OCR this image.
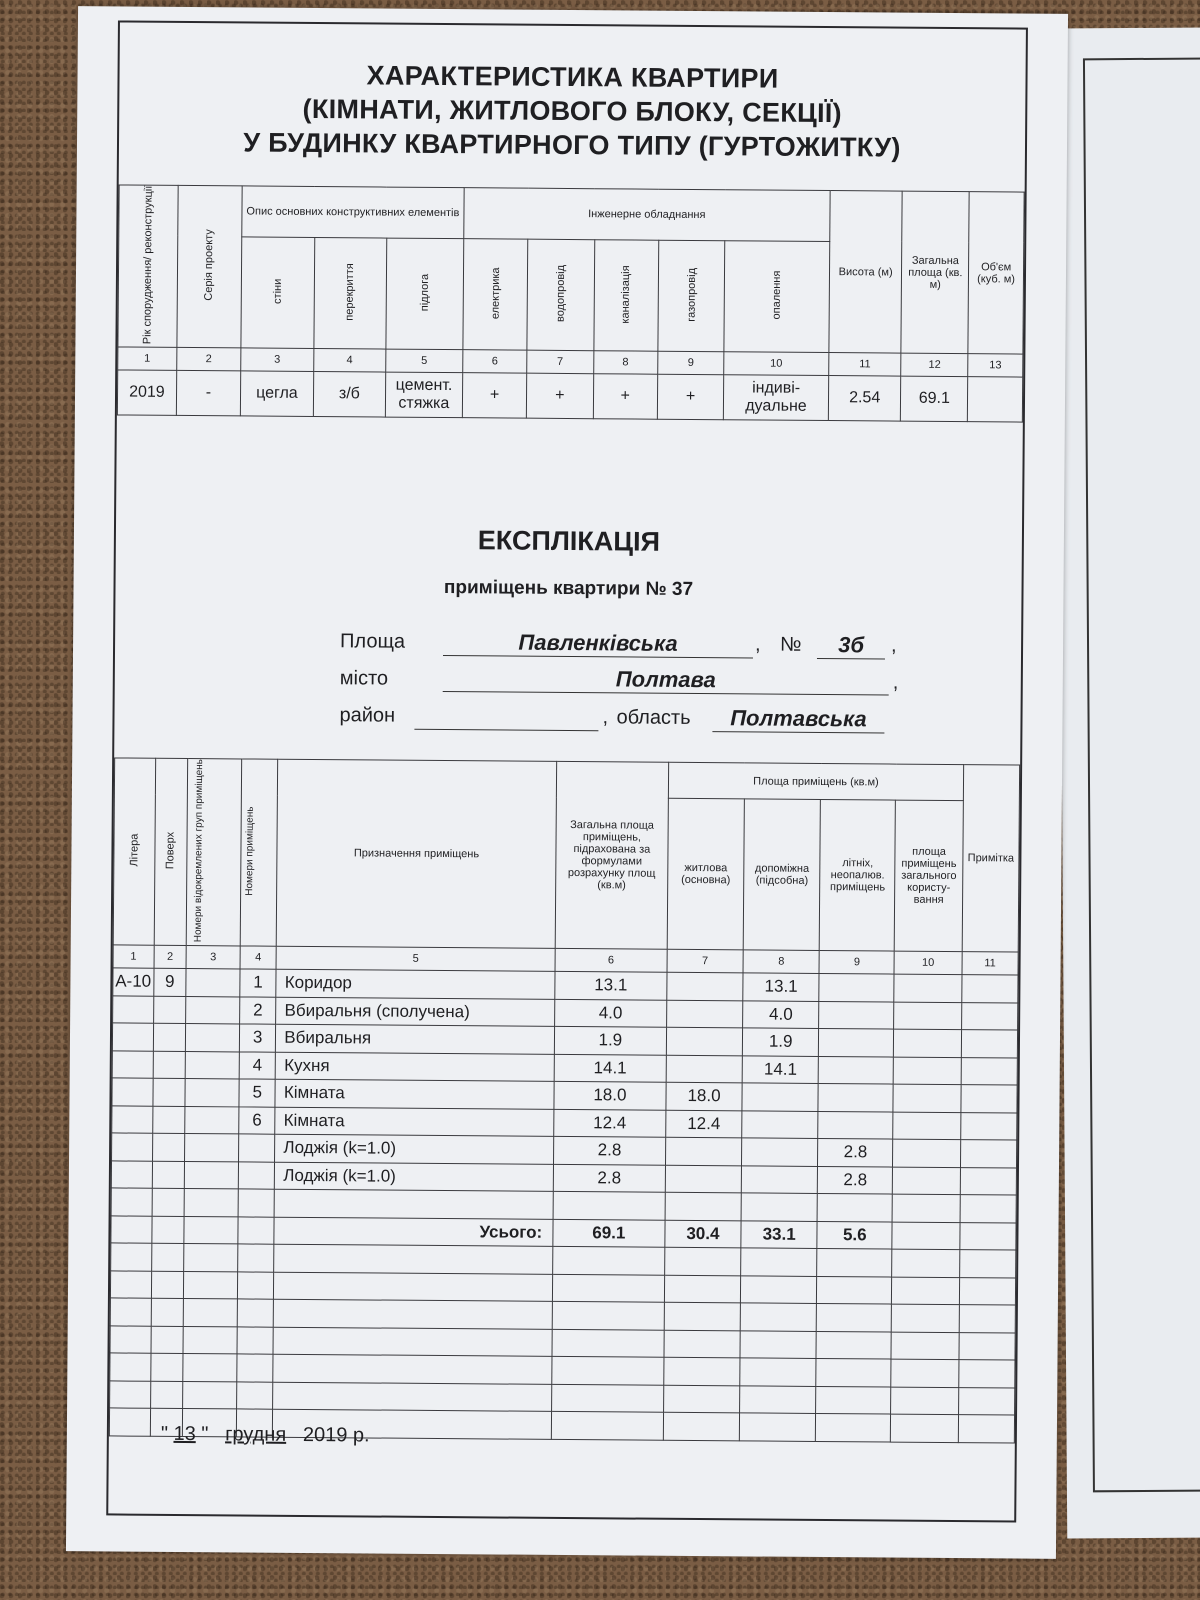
ХАРАКТЕРИСТИКА КВАРТИРИ
(КІМНАТИ, ЖИТЛОВОГО БЛОКУ, СЕКЦІЇ)
У БУДИНКУ КВАРТИРНОГО ТИПУ (ГУРТОЖИТКУ)
Рік спорудження/ реконструкції	Серія проекту	Опис основних конструктивних елементів			Інженерне обладнання					Висота (м)	Загальна площа (кв. м)	Об'єм (куб. м)
		стіни	перекриття	підлога	електрика	водопровід	каналізація	газопровід	опалення			
1	2	3	4	5	6	7	8	9	10	11	12	13
2019	-	цегла	з/б	цемент. стяжка	+	+	+	+	індиві- дуальне	2.54	69.1	
ЕКСПЛІКАЦІЯ
приміщень квартири № 37
Площа	Павленківська	, №	3б	,
місто	Полтава	,
район	, область	Полтавська
Літера	Поверх	Номери відокремлених груп приміщень	Номери приміщень	Призначення приміщень	Загальна площа приміщень, підрахована за формулами розрахунку площ (кв.м)	Площа приміщень (кв.м)				Примітка
						житлова (основна)	допоміжна (підсобна)	літніх, неопалюв. приміщень	площа приміщень загального користу- вання	
1	2	3	4	5	6	7	8	9	10	11
А-10	9		1	Коридор	13.1		13.1			
			2	Вбиральня (сполучена)	4.0		4.0			
			3	Вбиральня	1.9		1.9			
			4	Кухня	14.1		14.1			
			5	Кімната	18.0	18.0				
			6	Кімната	12.4	12.4				
				Лоджія (k=1.0)	2.8			2.8		
				Лоджія (k=1.0)	2.8			2.8		

				Усього:	69.1	30.4	33.1	5.6		

" 13 " грудня 2019 р.
